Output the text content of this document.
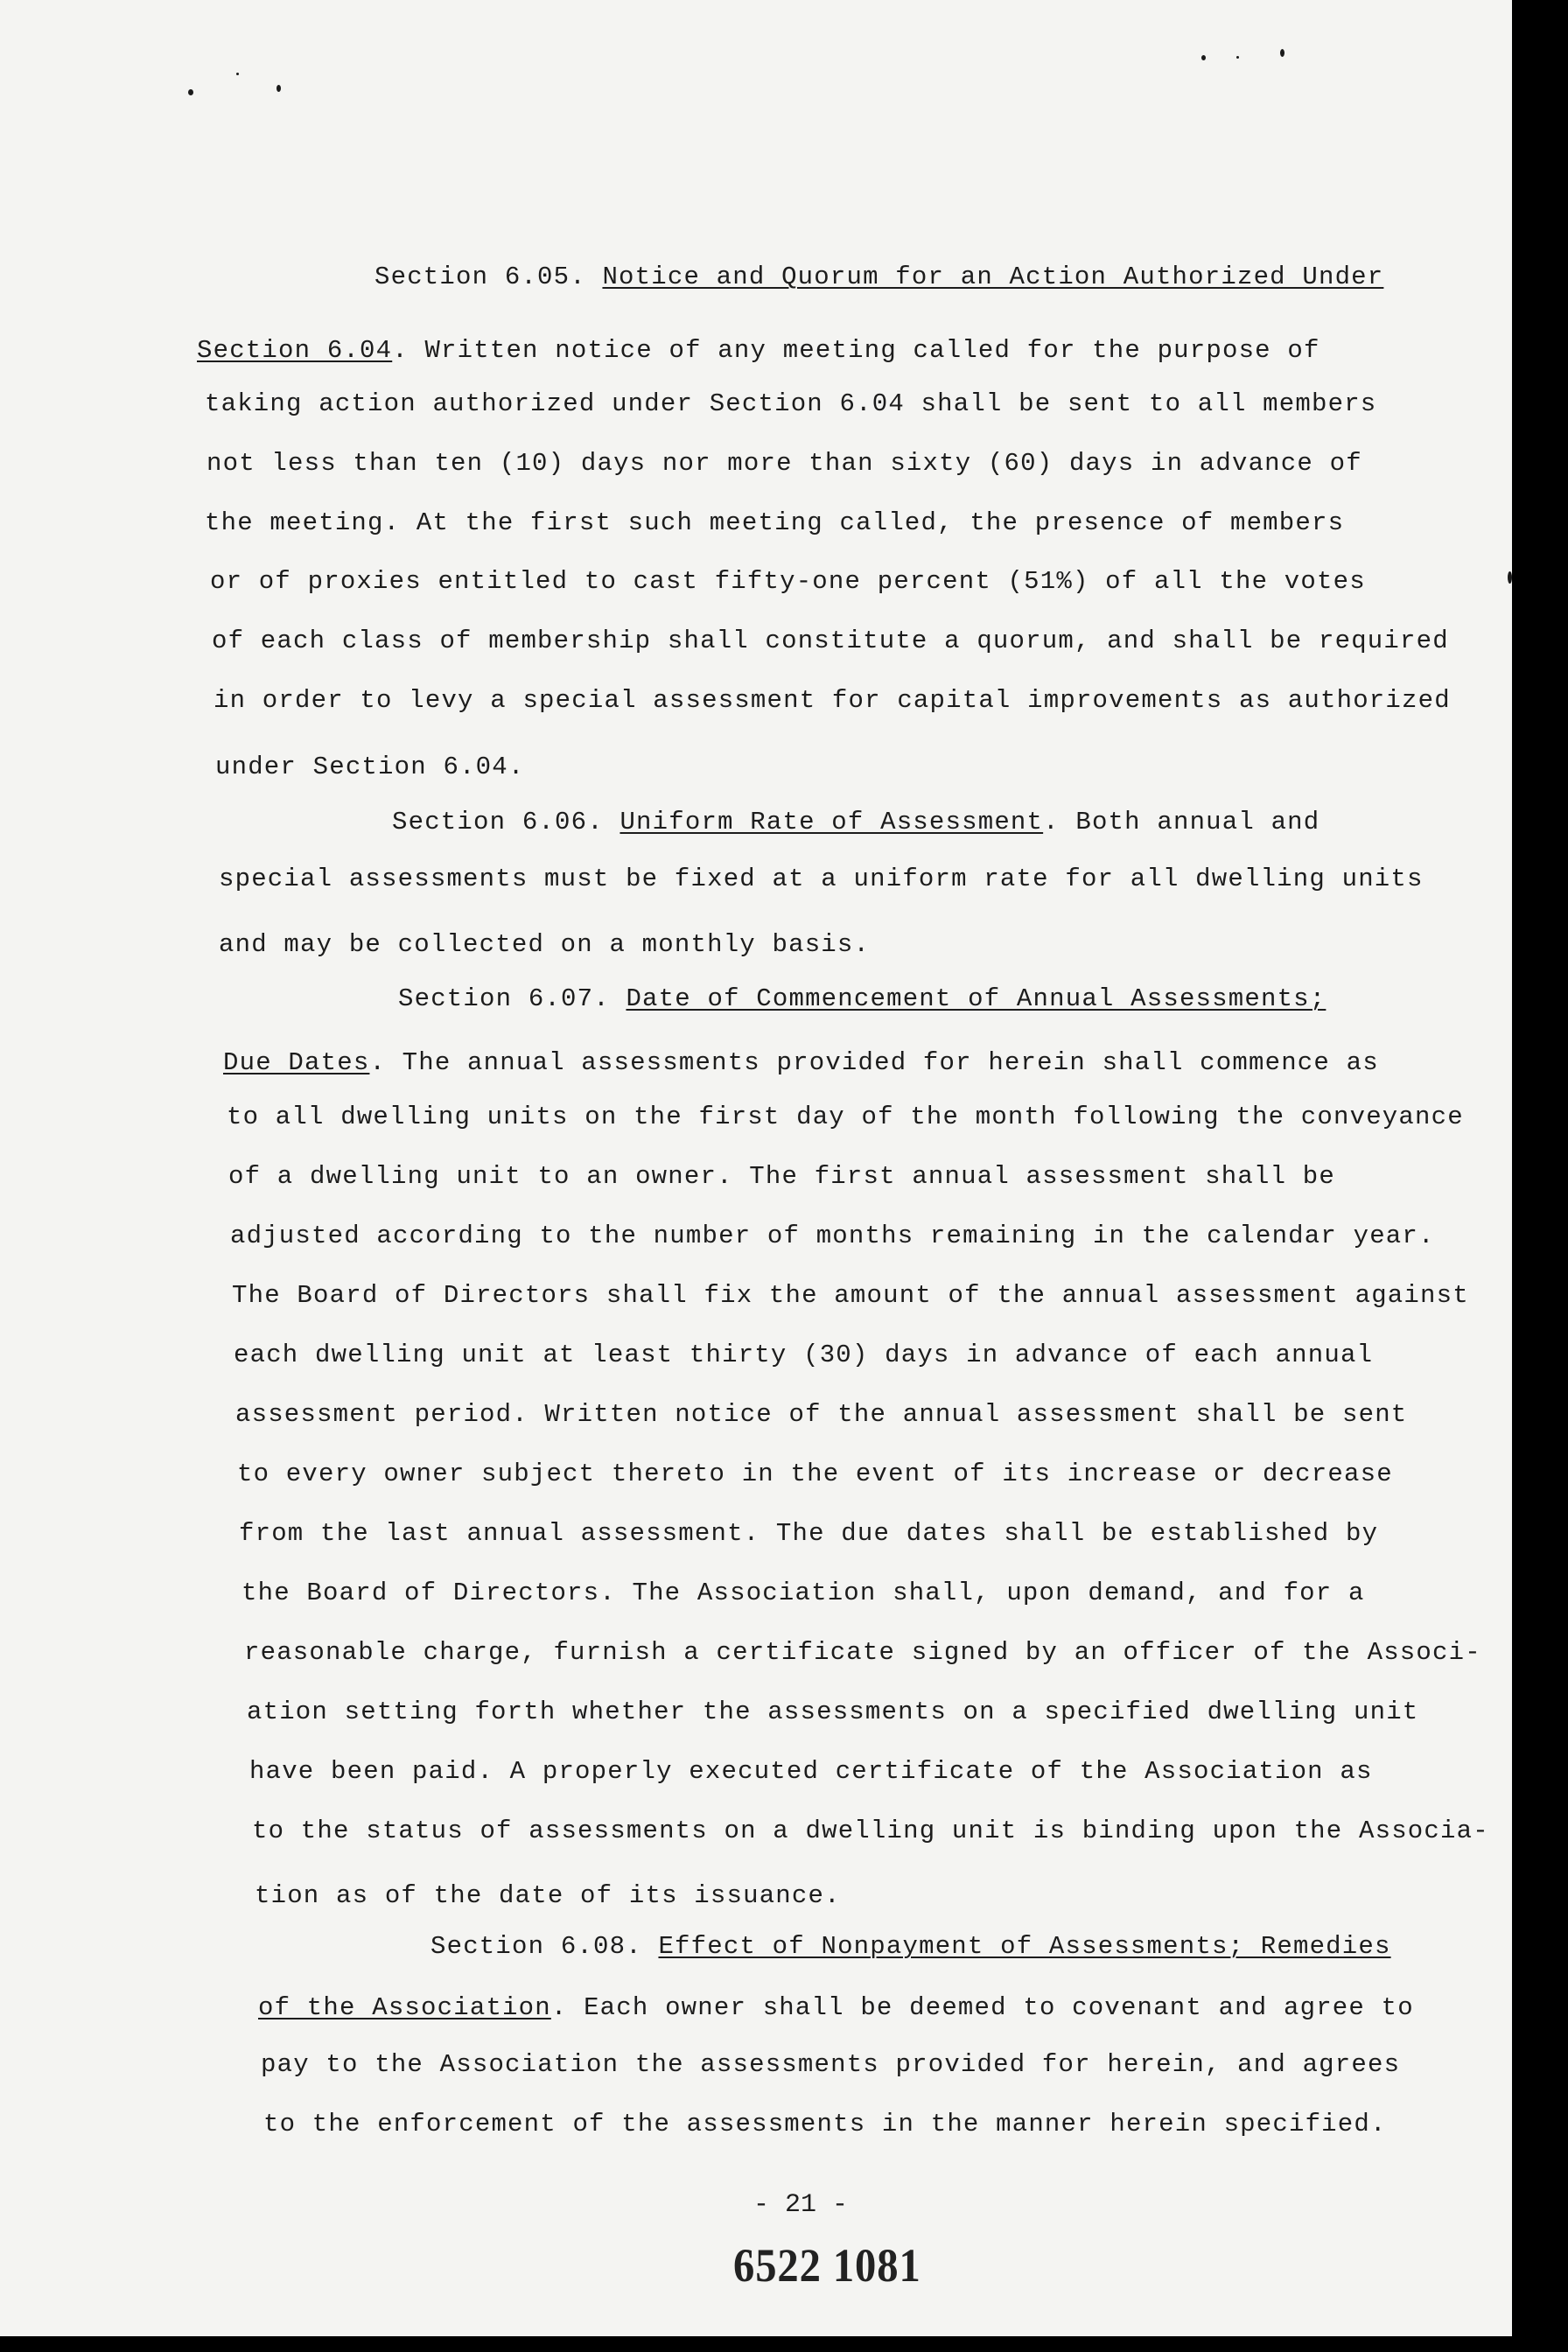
Section 6.05. Notice and Quorum for an Action Authorized Under
Section 6.04. Written notice of any meeting called for the purpose of
taking action authorized under Section 6.04 shall be sent to all members
not less than ten (10) days nor more than sixty (60) days in advance of
the meeting. At the first such meeting called, the presence of members
or of proxies entitled to cast fifty-one percent (51%) of all the votes
of each class of membership shall constitute a quorum, and shall be required
in order to levy a special assessment for capital improvements as authorized
under Section 6.04.
Section 6.06. Uniform Rate of Assessment. Both annual and
special assessments must be fixed at a uniform rate for all dwelling units
and may be collected on a monthly basis.
Section 6.07. Date of Commencement of Annual Assessments;
Due Dates. The annual assessments provided for herein shall commence as
to all dwelling units on the first day of the month following the conveyance
of a dwelling unit to an owner. The first annual assessment shall be
adjusted according to the number of months remaining in the calendar year.
The Board of Directors shall fix the amount of the annual assessment against
each dwelling unit at least thirty (30) days in advance of each annual
assessment period. Written notice of the annual assessment shall be sent
to every owner subject thereto in the event of its increase or decrease
from the last annual assessment. The due dates shall be established by
the Board of Directors. The Association shall, upon demand, and for a
reasonable charge, furnish a certificate signed by an officer of the Associ-
ation setting forth whether the assessments on a specified dwelling unit
have been paid. A properly executed certificate of the Association as
to the status of assessments on a dwelling unit is binding upon the Associa-
tion as of the date of its issuance.
Section 6.08. Effect of Nonpayment of Assessments; Remedies
of the Association. Each owner shall be deemed to covenant and agree to
pay to the Association the assessments provided for herein, and agrees
to the enforcement of the assessments in the manner herein specified.
- 21 -
6522 1081
